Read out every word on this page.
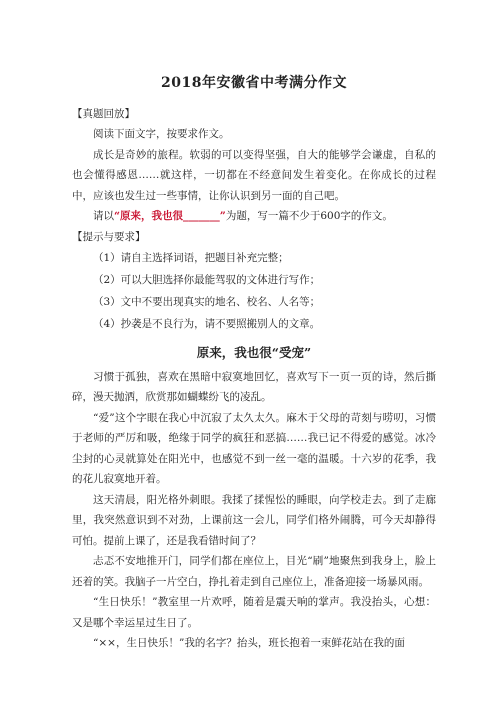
2018年安徽省中考满分作文

【真题回放】

阅读下面文字，按要求作文。

成长是奇妙的旅程。软弱的可以变得坚强，自大的能够学会谦虚，自私的也会懂得感恩……就这样，一切都在不经意间发生着变化。在你成长的过程中，应该也发生过一些事情，让你认识到另一面的自己吧。

请以“原来，我也很_______”为题，写一篇不少于600字的作文。

【提示与要求】

（1）请自主选择词语，把题目补充完整；
（2）可以大胆选择你最能驾驭的文体进行写作；
（3）文中不要出现真实的地名、校名、人名等；
（4）抄袭是不良行为，请不要照搬别人的文章。
原来，我也很“受宠”

习惯于孤独，喜欢在黑暗中寂寞地回忆，喜欢写下一页一页的诗，然后撕碎，漫天抛洒，欣赏那如蝴蝶纷飞的凌乱。

“爱”这个字眼在我心中沉寂了太久太久。麻木于父母的苛刻与唠叨，习惯于老师的严厉和吸，绝缘于同学的疯狂和恶搞……我已记不得爱的感觉。冰冷尘封的心灵就算处在阳光中，也感觉不到一丝一毫的温暖。十六岁的花季，我的花儿寂寞地开着。

这天清晨，阳光格外刺眼。我揉了揉惺忪的睡眼，向学校走去。到了走廊里，我突然意识到不对劲，上课前这一会儿，同学们格外闹腾，可今天却静得可怕。提前上课了，还是我看错时间了？

忐忑不安地推开门，同学们都在座位上，目光“刷”地聚焦到我身上，脸上还着的笑。我脑子一片空白，挣扎着走到自己座位上，准备迎接一场暴风雨。

“生日快乐！”教室里一片欢呼，随着是震天响的掌声。我没抬头，心想：又是哪个幸运星过生日了。

“××，生日快乐！”我的名字？抬头，班长抱着一束鲜花站在我的面
